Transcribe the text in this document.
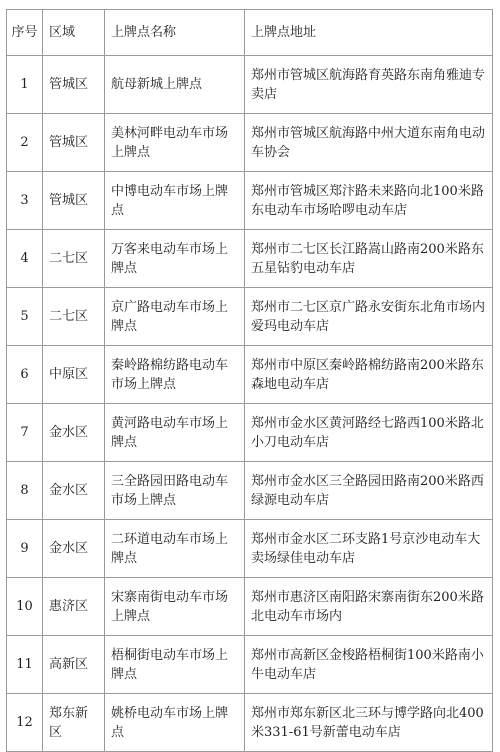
序号	区域	上牌点名称	上牌点地址
1	管城区	航母新城上牌点	郑州市管城区航海路育英路东南角雅迪专卖店
2	管城区	美林河畔电动车市场上牌点	郑州市管城区航海路中州大道东南角电动车协会
3	管城区	中博电动车市场上牌点	郑州市管城区郑汴路未来路向北100米路东电动车市场哈啰电动车店
4	二七区	万客来电动车市场上牌点	郑州市二七区长江路嵩山路南200米路东五星钻豹电动车店
5	二七区	京广路电动车市场上牌点	郑州市二七区京广路永安街东北角市场内爱玛电动车店
6	中原区	秦岭路棉纺路电动车市场上牌点	郑州市中原区秦岭路棉纺路南200米路东森地电动车店
7	金水区	黄河路电动车市场上牌点	郑州市金水区黄河路经七路西100米路北小刀电动车店
8	金水区	三全路园田路电动车市场上牌点	郑州市金水区三全路园田路南200米路西绿源电动车店
9	金水区	二环道电动车市场上牌点	郑州市金水区二环支路1号京沙电动车大卖场绿佳电动车店
10	惠济区	宋寨南街电动车市场上牌点	郑州市惠济区南阳路宋寨南街东200米路北电动车市场内
11	高新区	梧桐街电动车市场上牌点	郑州市高新区金梭路梧桐街100米路南小牛电动车店
12	郑东新区	姚桥电动车市场上牌点	郑州市郑东新区北三环与博学路向北400米331-61号新蕾电动车店
